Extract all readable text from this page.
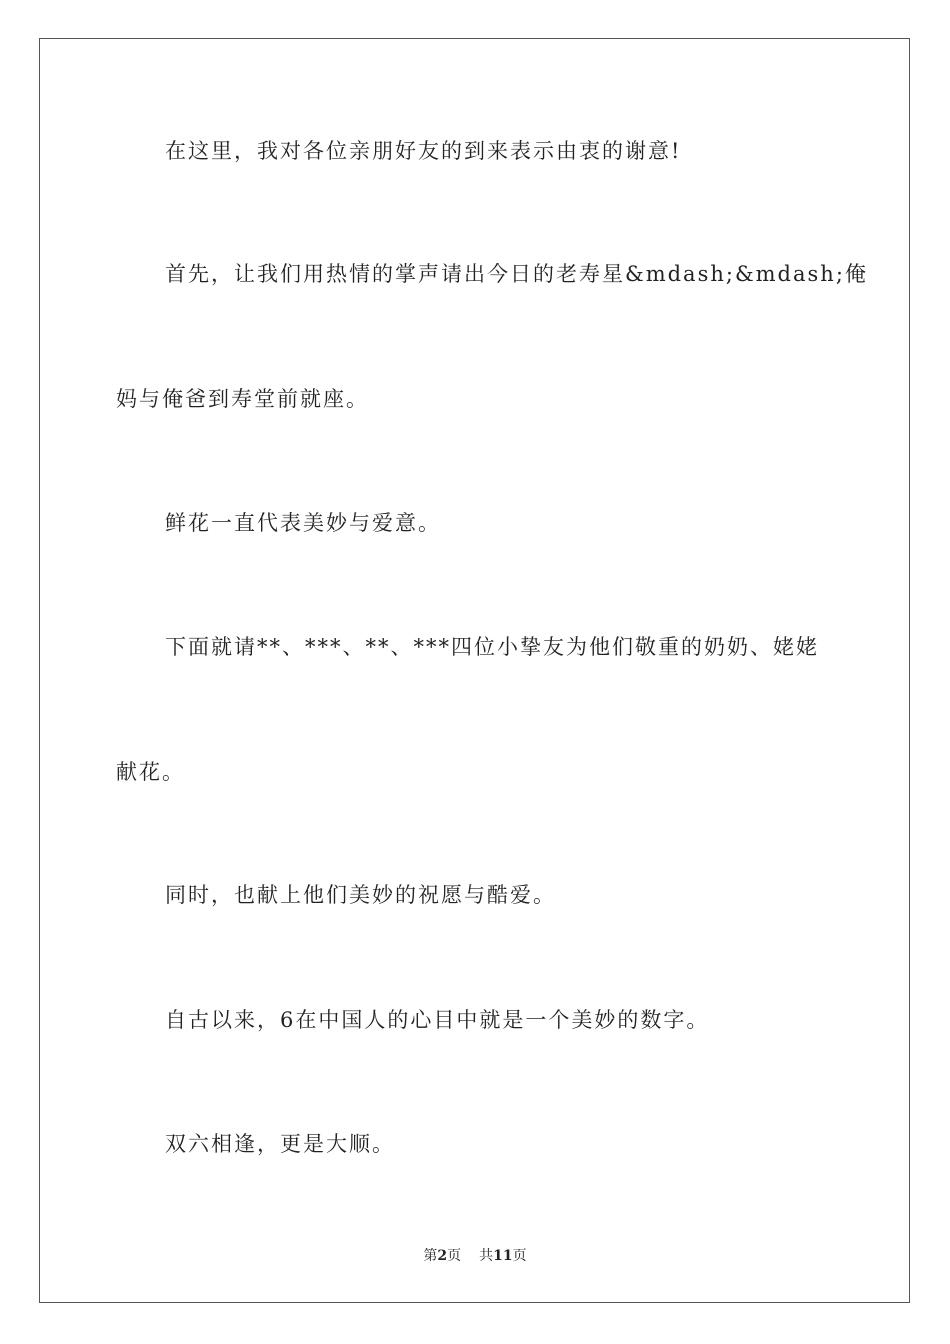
在这里，我对各位亲朋好友的到来表示由衷的谢意!
首先，让我们用热情的掌声请出今日的老寿星&mdash;&mdash;俺
妈与俺爸到寿堂前就座。
鲜花一直代表美妙与爱意。
下面就请**、***、**、***四位小挚友为他们敬重的奶奶、姥姥
献花。
同时，也献上他们美妙的祝愿与酷爱。
自古以来，6在中国人的心目中就是一个美妙的数字。
双六相逢，更是大顺。
第2页 共11页
